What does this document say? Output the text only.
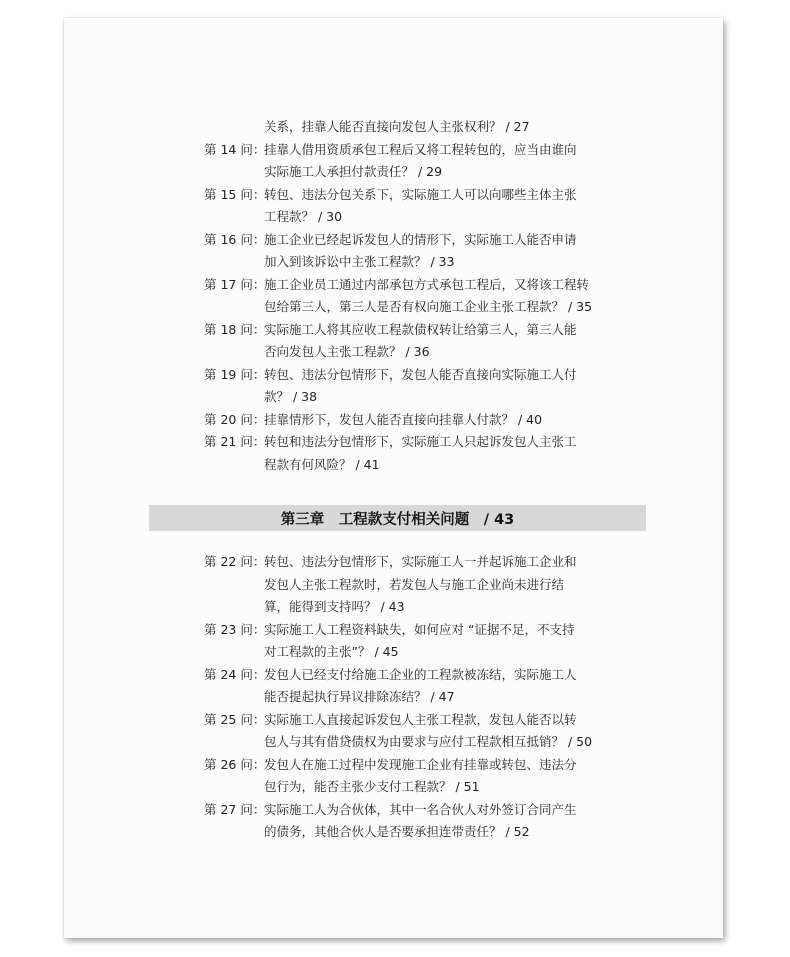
关系，挂靠人能否直接向发包人主张权利？ / 27
第 14 问：
挂靠人借用资质承包工程后又将工程转包的，应当由谁向
实际施工人承担付款责任？ / 29
第 15 问：
转包、违法分包关系下，实际施工人可以向哪些主体主张
工程款？ / 30
第 16 问：
施工企业已经起诉发包人的情形下，实际施工人能否申请
加入到该诉讼中主张工程款？ / 33
第 17 问：
施工企业员工通过内部承包方式承包工程后，又将该工程转
包给第三人，第三人是否有权向施工企业主张工程款？ / 35
第 18 问：
实际施工人将其应收工程款债权转让给第三人，第三人能
否向发包人主张工程款？ / 36
第 19 问：
转包、违法分包情形下，发包人能否直接向实际施工人付
款？ / 38
第 20 问：
挂靠情形下，发包人能否直接向挂靠人付款？ / 40
第 21 问：
转包和违法分包情形下，实际施工人只起诉发包人主张工
程款有何风险？ / 41
第三章　工程款支付相关问题　/ 43
第 22 问：
转包、违法分包情形下，实际施工人一并起诉施工企业和
发包人主张工程款时，若发包人与施工企业尚未进行结
算，能得到支持吗？ / 43
第 23 问：
实际施工人工程资料缺失，如何应对 “证据不足，不支持
对工程款的主张”？ / 45
第 24 问：
发包人已经支付给施工企业的工程款被冻结，实际施工人
能否提起执行异议排除冻结？ / 47
第 25 问：
实际施工人直接起诉发包人主张工程款，发包人能否以转
包人与其有借贷债权为由要求与应付工程款相互抵销？ / 50
第 26 问：
发包人在施工过程中发现施工企业有挂靠或转包、违法分
包行为，能否主张少支付工程款？ / 51
第 27 问：
实际施工人为合伙体，其中一名合伙人对外签订合同产生
的债务，其他合伙人是否要承担连带责任？ / 52
